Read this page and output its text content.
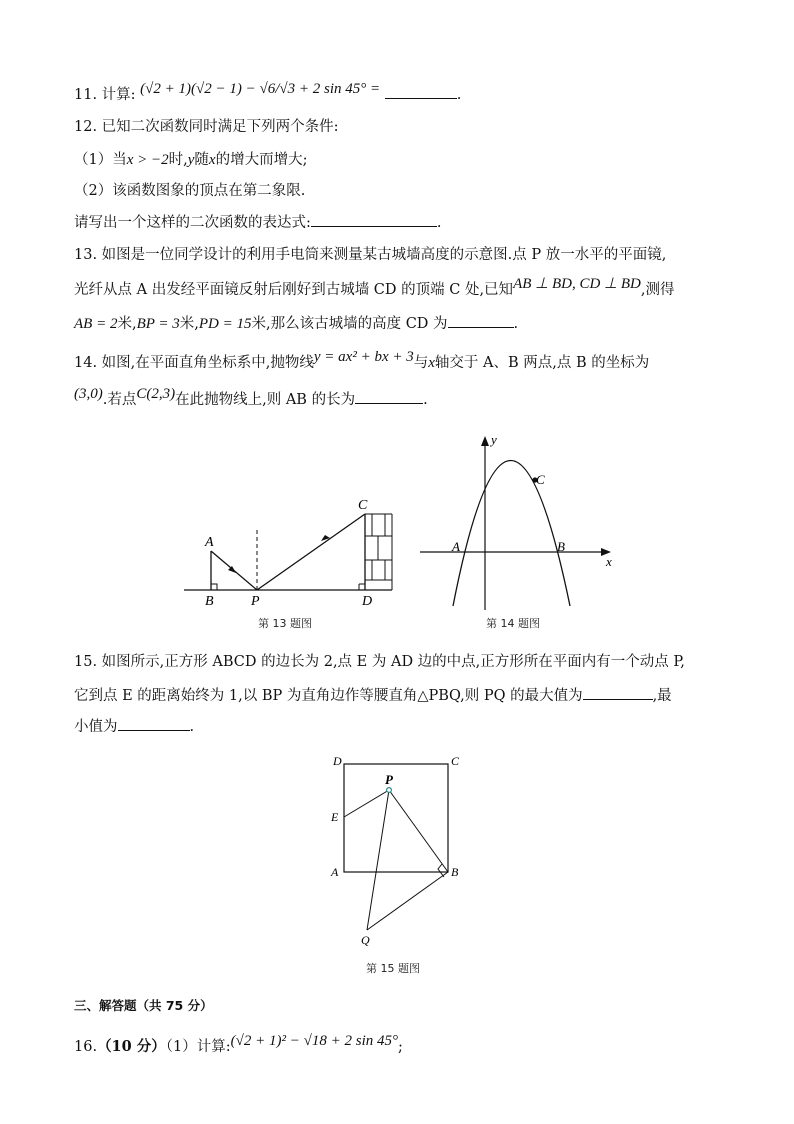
11. 计算: (√2 + 1)(√2 − 1) − √6/√3 + 2 sin 45° =	.
12. 已知二次函数同时满足下列两个条件:
（1）当x > −2时,y随x的增大而增大;
（2）该函数图象的顶点在第二象限.
请写出一个这样的二次函数的表达式:	.
13. 如图是一位同学设计的利用手电筒来测量某古城墙高度的示意图.点 P 放一水平的平面镜,
光纤从点 A 出发经平面镜反射后刚好到古城墙 CD 的顶端 C 处,已知AB ⊥ BD, CD ⊥ BD,测得
AB = 2米,BP = 3米,PD = 15米,那么该古城墙的高度 CD 为	.
14. 如图,在平面直角坐标系中,抛物线y = ax² + bx + 3与x轴交于 A、B 两点,点 B 的坐标为
(3,0).若点C(2,3)在此抛物线上,则 AB 的长为	.
A
B	P
C
D
第 13 题图
y
x
A	B
C
第 14 题图
15. 如图所示,正方形 ABCD 的边长为 2,点 E 为 AD 边的中点,正方形所在平面内有一个动点 P,
它到点 E 的距离始终为 1,以 BP 为直角边作等腰直角△PBQ,则 PQ 的最大值为	,最
小值为	.
D	C
P
E
A	B
Q
第 15 题图
三、解答题（共 75 分）
16.（10 分）（1）计算:(√2 + 1)² − √18 + 2 sin 45°;
